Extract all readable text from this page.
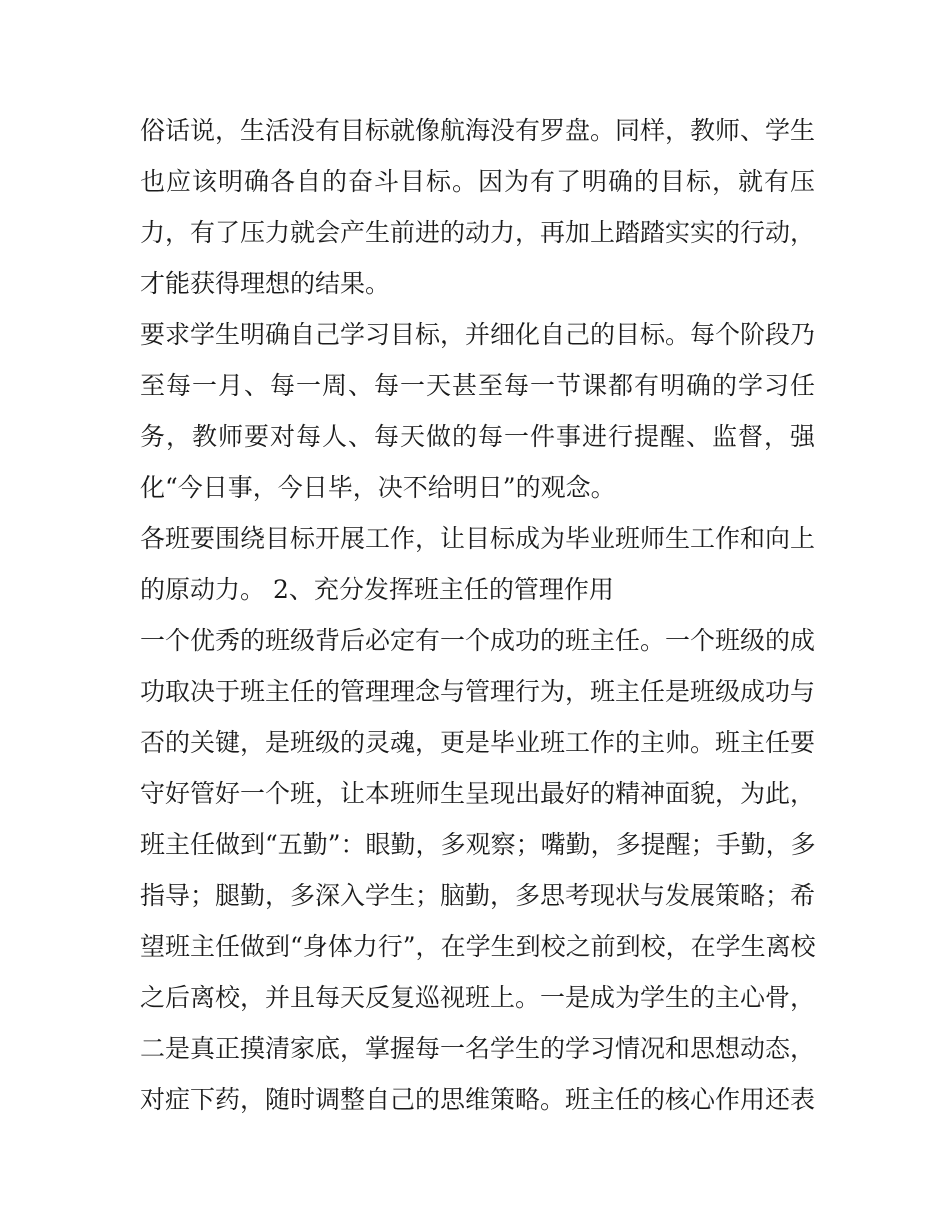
俗话说，生活没有目标就像航海没有罗盘。同样，教师、学生
也应该明确各自的奋斗目标。因为有了明确的目标，就有压
力，有了压力就会产生前进的动力，再加上踏踏实实的行动，
才能获得理想的结果。
要求学生明确自己学习目标，并细化自己的目标。每个阶段乃
至每一月、每一周、每一天甚至每一节课都有明确的学习任
务，教师要对每人、每天做的每一件事进行提醒、监督，强
化“今日事，今日毕，决不给明日”的观念。
各班要围绕目标开展工作，让目标成为毕业班师生工作和向上
的原动力。 2、充分发挥班主任的管理作用
一个优秀的班级背后必定有一个成功的班主任。一个班级的成
功取决于班主任的管理理念与管理行为，班主任是班级成功与
否的关键，是班级的灵魂，更是毕业班工作的主帅。班主任要
守好管好一个班，让本班师生呈现出最好的精神面貌，为此，
班主任做到“五勤”：眼勤，多观察；嘴勤，多提醒；手勤，多
指导；腿勤，多深入学生；脑勤，多思考现状与发展策略；希
望班主任做到“身体力行”，在学生到校之前到校，在学生离校
之后离校，并且每天反复巡视班上。一是成为学生的主心骨，
二是真正摸清家底，掌握每一名学生的学习情况和思想动态，
对症下药，随时调整自己的思维策略。班主任的核心作用还表
